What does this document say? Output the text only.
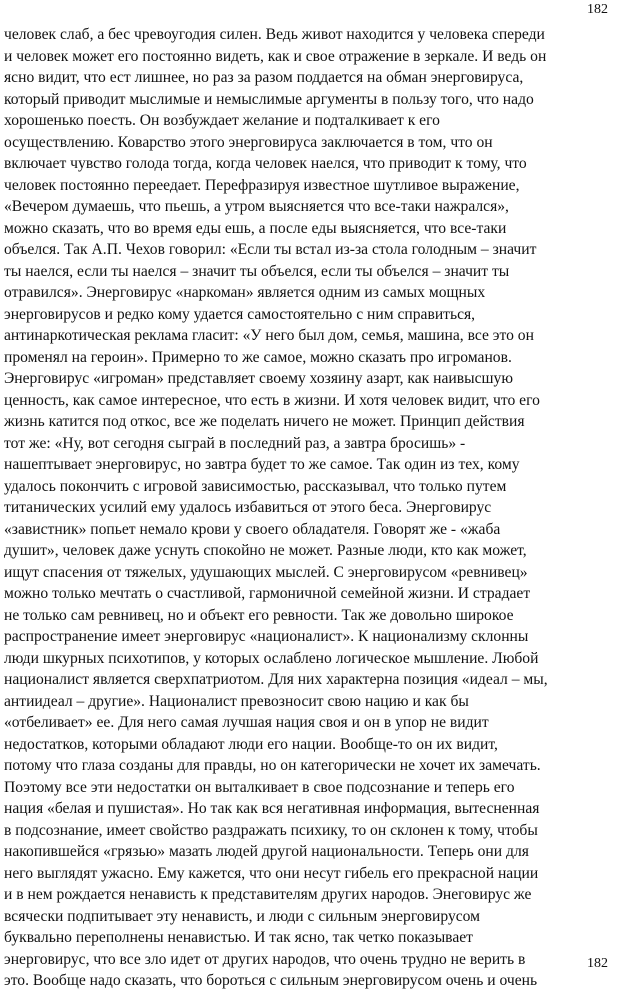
182
человек слаб, а бес чревоугодия силен. Ведь живот находится у человека спереди
и человек может его постоянно видеть, как и свое отражение в зеркале. И ведь он
ясно видит, что ест лишнее, но раз за разом поддается на обман энерговируса,
который приводит мыслимые и немыслимые аргументы в пользу того, что надо
хорошенько поесть. Он возбуждает желание и подталкивает к его
осуществлению. Коварство этого энерговируса заключается в том, что он
включает чувство голода тогда, когда человек наелся, что приводит к тому, что
человек постоянно переедает. Перефразируя известное шутливое выражение,
«Вечером думаешь, что пьешь, а утром выясняется что все-таки нажрался»,
можно сказать, что во время еды ешь, а после еды выясняется, что все-таки
объелся. Так А.П. Чехов говорил: «Если ты встал из-за стола голодным – значит
ты наелся, если ты наелся – значит ты объелся, если ты объелся – значит ты
отравился». Энерговирус «наркоман» является одним из самых мощных
энерговирусов и редко кому удается самостоятельно с ним справиться,
антинаркотическая реклама гласит: «У него был дом, семья, машина, все это он
променял на героин». Примерно то же самое, можно сказать про игроманов.
Энерговирус «игроман» представляет своему хозяину азарт, как наивысшую
ценность, как самое интересное, что есть в жизни. И хотя человек видит, что его
жизнь катится под откос, все же поделать ничего не может. Принцип действия
тот же: «Ну, вот сегодня сыграй в последний раз, а завтра бросишь» -
нашептывает энерговирус, но завтра будет то же самое. Так один из тех, кому
удалось покончить с игровой зависимостью, рассказывал, что только путем
титанических усилий ему удалось избавиться от этого беса. Энерговирус
«завистник» попьет немало крови у своего обладателя. Говорят же - «жаба
душит», человек даже уснуть спокойно не может. Разные люди, кто как может,
ищут спасения от тяжелых, удушающих мыслей. С энерговирусом «ревнивец»
можно только мечтать о счастливой, гармоничной семейной жизни. И страдает
не только сам ревнивец, но и объект его ревности. Так же довольно широкое
распространение имеет энерговирус «националист». К национализму склонны
люди шкурных психотипов, у которых ослаблено логическое мышление. Любой
националист является сверхпатриотом. Для них характерна позиция «идеал – мы,
антиидеал – другие». Националист превозносит свою нацию и как бы
«отбеливает» ее. Для него самая лучшая нация своя и он в упор не видит
недостатков, которыми обладают люди его нации. Вообще-то он их видит,
потому что глаза созданы для правды, но он категорически не хочет их замечать.
Поэтому все эти недостатки он выталкивает в свое подсознание и теперь его
нация «белая и пушистая». Но так как вся негативная информация, вытесненная
в подсознание, имеет свойство раздражать психику, то он склонен к тому, чтобы
накопившейся «грязью» мазать людей другой национальности. Теперь они для
него выглядят ужасно. Ему кажется, что они несут гибель его прекрасной нации
и в нем рождается ненависть к представителям других народов. Энеговирус же
всячески подпитывает эту ненависть, и люди с сильным энерговирусом
буквально переполнены ненавистью. И так ясно, так четко показывает
энерговирус, что все зло идет от других народов, что очень трудно не верить в
это. Вообще надо сказать, что бороться с сильным энерговирусом очень и очень
182
